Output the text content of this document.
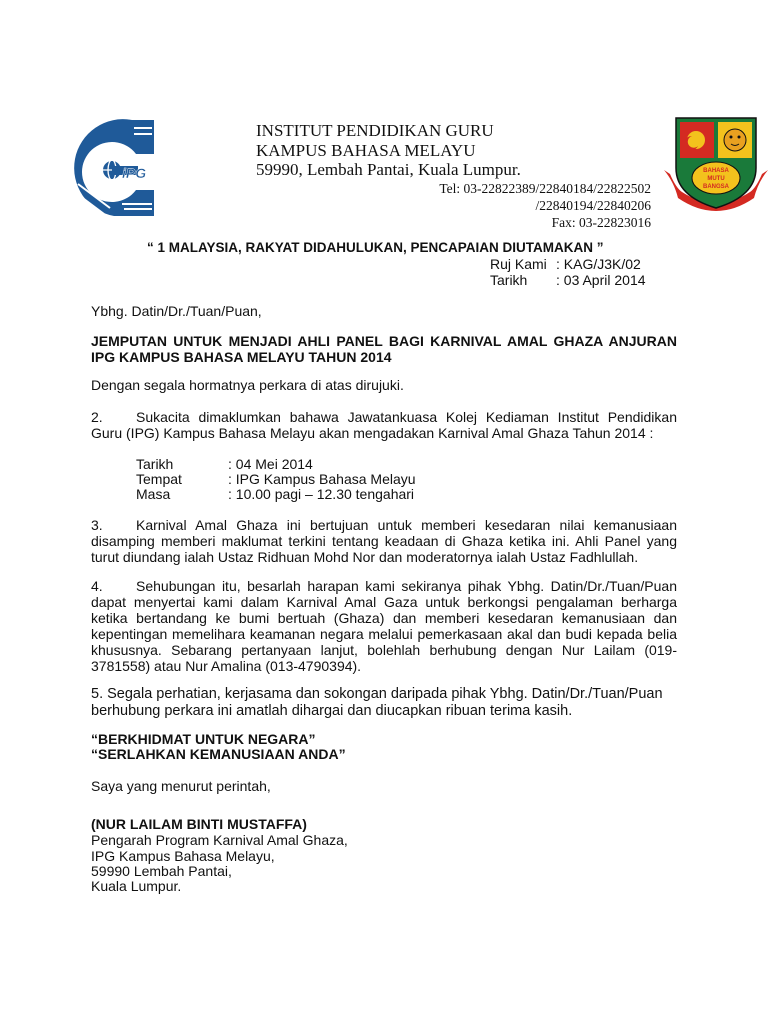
iPG
INSTITUT PENDIDIKAN GURU
KAMPUS BAHASA MELAYU
59990, Lembah Pantai, Kuala Lumpur.
Tel: 03-22822389/22840184/22822502
/22840194/22840206
Fax: 03-22823016
BAHASA
MUTU
BANGSA
“ 1 MALAYSIA, RAKYAT DIDAHULUKAN, PENCAPAIAN DIUTAMAKAN ”
Ruj Kami : KAG/J3K/02
Tarikh : 03 April 2014
Ybhg. Datin/Dr./Tuan/Puan,
JEMPUTAN UNTUK MENJADI AHLI PANEL BAGI KARNIVAL AMAL GHAZA ANJURAN IPG KAMPUS BAHASA MELAYU TAHUN 2014
Dengan segala hormatnya perkara di atas dirujuki.
2. Sukacita dimaklumkan bahawa Jawatankuasa Kolej Kediaman Institut Pendidikan Guru (IPG) Kampus Bahasa Melayu akan mengadakan Karnival Amal Ghaza Tahun 2014 :
Tarikh	: 04 Mei 2014
Tempat	: IPG Kampus Bahasa Melayu
Masa	: 10.00 pagi – 12.30 tengahari
3. Karnival Amal Ghaza ini bertujuan untuk memberi kesedaran nilai kemanusiaan disamping memberi maklumat terkini tentang keadaan di Ghaza ketika ini. Ahli Panel yang turut diundang ialah Ustaz Ridhuan Mohd Nor dan moderatornya ialah Ustaz Fadhlullah.
4. Sehubungan itu, besarlah harapan kami sekiranya pihak Ybhg. Datin/Dr./Tuan/Puan dapat menyertai kami dalam Karnival Amal Gaza untuk berkongsi pengalaman berharga ketika bertandang ke bumi bertuah (Ghaza) dan memberi kesedaran kemanusiaan dan kepentingan memelihara keamanan negara melalui pemerkasaan akal dan budi kepada belia khususnya. Sebarang pertanyaan lanjut, bolehlah berhubung dengan Nur Lailam (019-3781558) atau Nur Amalina (013-4790394).
5. Segala perhatian, kerjasama dan sokongan daripada pihak Ybhg. Datin/Dr./Tuan/Puan berhubung perkara ini amatlah dihargai dan diucapkan ribuan terima kasih.
“BERKHIDMAT UNTUK NEGARA”
“SERLAHKAN KEMANUSIAAN ANDA”
Saya yang menurut perintah,
(NUR LAILAM BINTI MUSTAFFA)
Pengarah Program Karnival Amal Ghaza,
IPG Kampus Bahasa Melayu,
59990 Lembah Pantai,
Kuala Lumpur.
